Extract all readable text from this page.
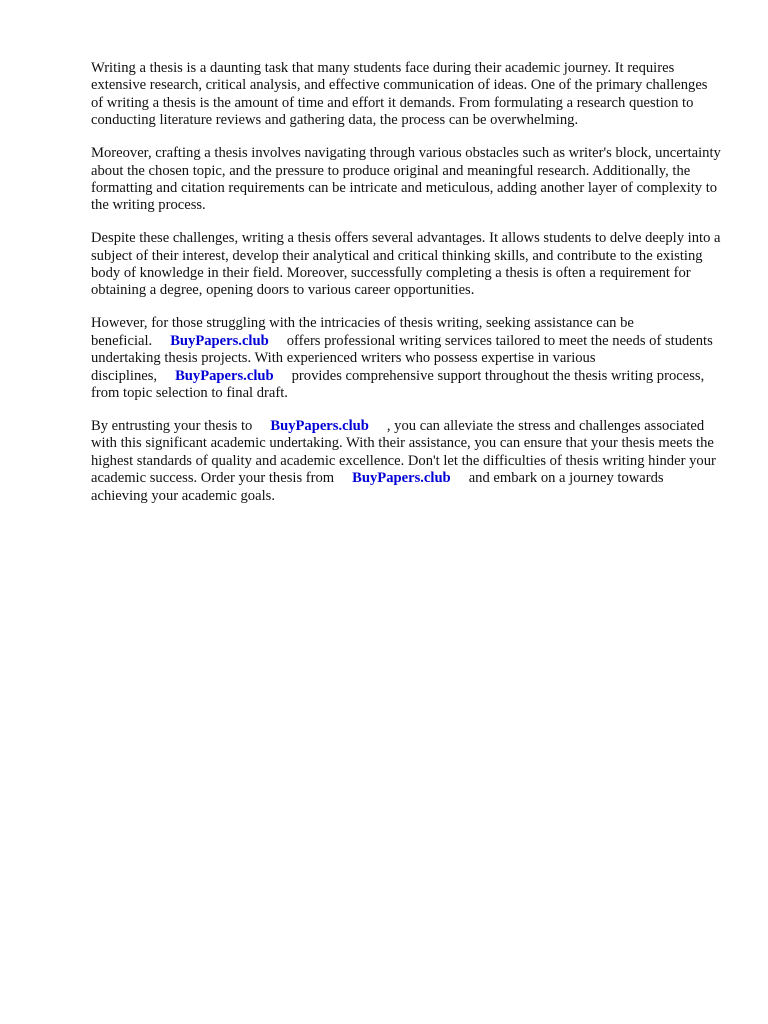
Writing a thesis is a daunting task that many students face during their academic journey. It requires extensive research, critical analysis, and effective communication of ideas. One of the primary challenges of writing a thesis is the amount of time and effort it demands. From formulating a research question to conducting literature reviews and gathering data, the process can be overwhelming.

Moreover, crafting a thesis involves navigating through various obstacles such as writer's block, uncertainty about the chosen topic, and the pressure to produce original and meaningful research. Additionally, the formatting and citation requirements can be intricate and meticulous, adding another layer of complexity to the writing process.

Despite these challenges, writing a thesis offers several advantages. It allows students to delve deeply into a subject of their interest, develop their analytical and critical thinking skills, and contribute to the existing body of knowledge in their field. Moreover, successfully completing a thesis is often a requirement for obtaining a degree, opening doors to various career opportunities.

However, for those struggling with the intricacies of thesis writing, seeking assistance can be beneficial. BuyPapers.club offers professional writing services tailored to meet the needs of students undertaking thesis projects. With experienced writers who possess expertise in various disciplines, BuyPapers.club provides comprehensive support throughout the thesis writing process, from topic selection to final draft.

By entrusting your thesis to BuyPapers.club , you can alleviate the stress and challenges associated with this significant academic undertaking. With their assistance, you can ensure that your thesis meets the highest standards of quality and academic excellence. Don't let the difficulties of thesis writing hinder your academic success. Order your thesis from BuyPapers.club and embark on a journey towards achieving your academic goals.
